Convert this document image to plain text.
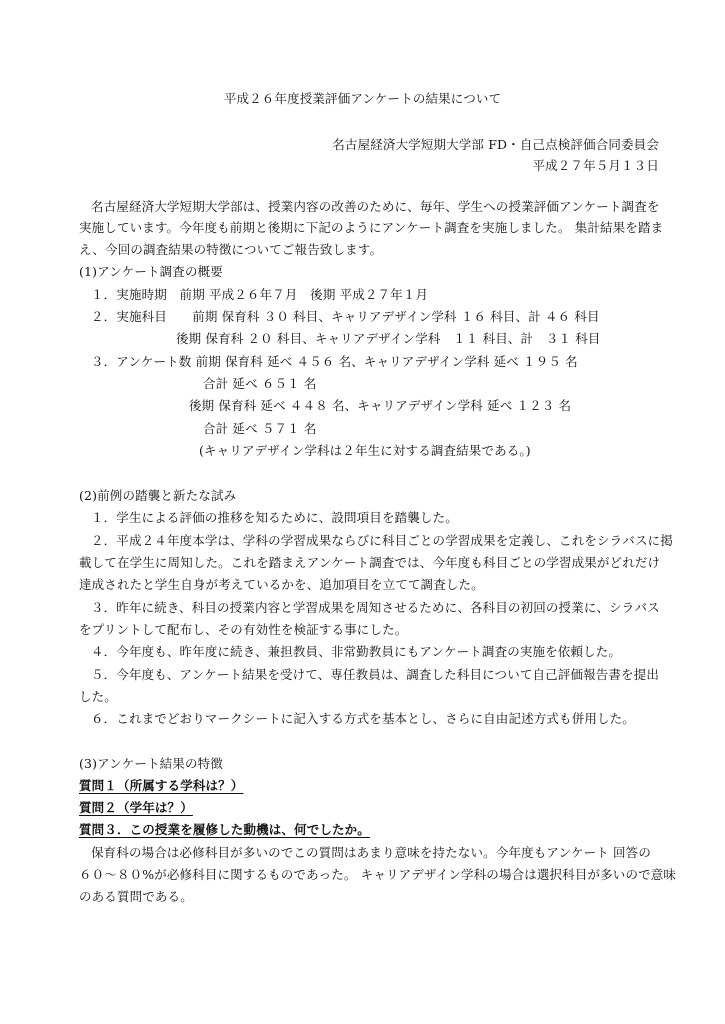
平成２６年度授業評価アンケートの結果について
名古屋経済大学短期大学部 FD・自己点検評価合同委員会
平成２７年５月１３日
名古屋経済大学短期大学部は、授業内容の改善のために、毎年、学生への授業評価アンケート調査を
実施しています。今年度も前期と後期に下記のようにアンケート調査を実施しました。 集計結果を踏ま
え、今回の調査結果の特徴についてご報告致します。
(1)アンケート調査の概要
１．実施時期　前期 平成２６年７月　後期 平成２７年１月
２．実施科目　　前期 保育科 ３０ 科目、キャリアデザイン学科 １６ 科目、計 ４６ 科目
後期 保育科 ２０ 科目、キャリアデザイン学科　１１ 科目、計　３１ 科目
３．アンケート数 前期 保育科 延べ ４５６ 名、キャリアデザイン学科 延べ １９５ 名
合計 延べ ６５１ 名
後期 保育科 延べ ４４８ 名、キャリアデザイン学科 延べ １２３ 名
合計 延べ ５７１ 名
(キャリアデザイン学科は２年生に対する調査結果である。)
(2)前例の踏襲と新たな試み
１．学生による評価の推移を知るために、設問項目を踏襲した。
２．平成２４年度本学は、学科の学習成果ならびに科目ごとの学習成果を定義し、これをシラバスに掲
載して在学生に周知した。これを踏まえアンケート調査では、今年度も科目ごとの学習成果がどれだけ
達成されたと学生自身が考えているかを、追加項目を立てて調査した。
３．昨年に続き、科目の授業内容と学習成果を周知させるために、各科目の初回の授業に、シラバス
をプリントして配布し、その有効性を検証する事にした。
４．今年度も、昨年度に続き、兼担教員、非常勤教員にもアンケート調査の実施を依頼した。
５．今年度も、アンケート結果を受けて、専任教員は、調査した科目について自己評価報告書を提出
した。
６．これまでどおりマークシートに記入する方式を基本とし、さらに自由記述方式も併用した。
(3)アンケート結果の特徴
質問１（所属する学科は？）
質問２（学年は？）
質問３．この授業を履修した動機は、何でしたか。
保育科の場合は必修科目が多いのでこの質問はあまり意味を持たない。今年度もアンケート 回答の
６０〜８０%が必修科目に関するものであった。 キャリアデザイン学科の場合は選択科目が多いので意味
のある質問である。
